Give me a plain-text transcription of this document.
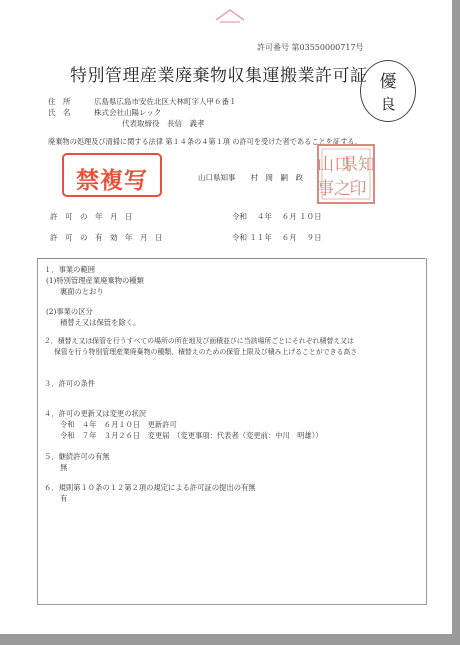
許可番号 第03550000717号
特別管理産業廃棄物収集運搬業許可証 優
良
住　所	広島県広島市安佐北区大林町字人甲６番１
氏　名	株式会社山陽レック
代表取締役　長信　義孝
廃棄物の処理及び清掃に関する法律 第１４条の４第１項 の許可を受けた者であることを証する。
禁複写	山口県知事　　村　岡　嗣　政
山口
県知
事之
印
許　可　の　年　月　日	令和　 ４年　 ６月 １０日
許　可　の　有　効　年　月　日	令和 １１年　 ６月　 ９日
１．事業の範囲
(1)特別管理産業廃棄物の種類
裏面のとおり
(2)事業の区分
積替え又は保管を除く。
２．積替え又は保管を行うすべての場所の所在地及び面積並びに当該場所ごとにそれぞれ積替え又は
保管を行う特別管理産業廃棄物の種類、積替えのための保管上限及び積み上げることができる高さ
３．許可の条件
４．許可の更新又は変更の状況
令和　４年　６月１０日　更新許可
令和　７年　３月２６日　変更届　（変更事項：代表者（変更前：中川　明雄））
５．継続許可の有無
無
６．規則第１０条の１２第２項の規定による許可証の提出の有無
有
